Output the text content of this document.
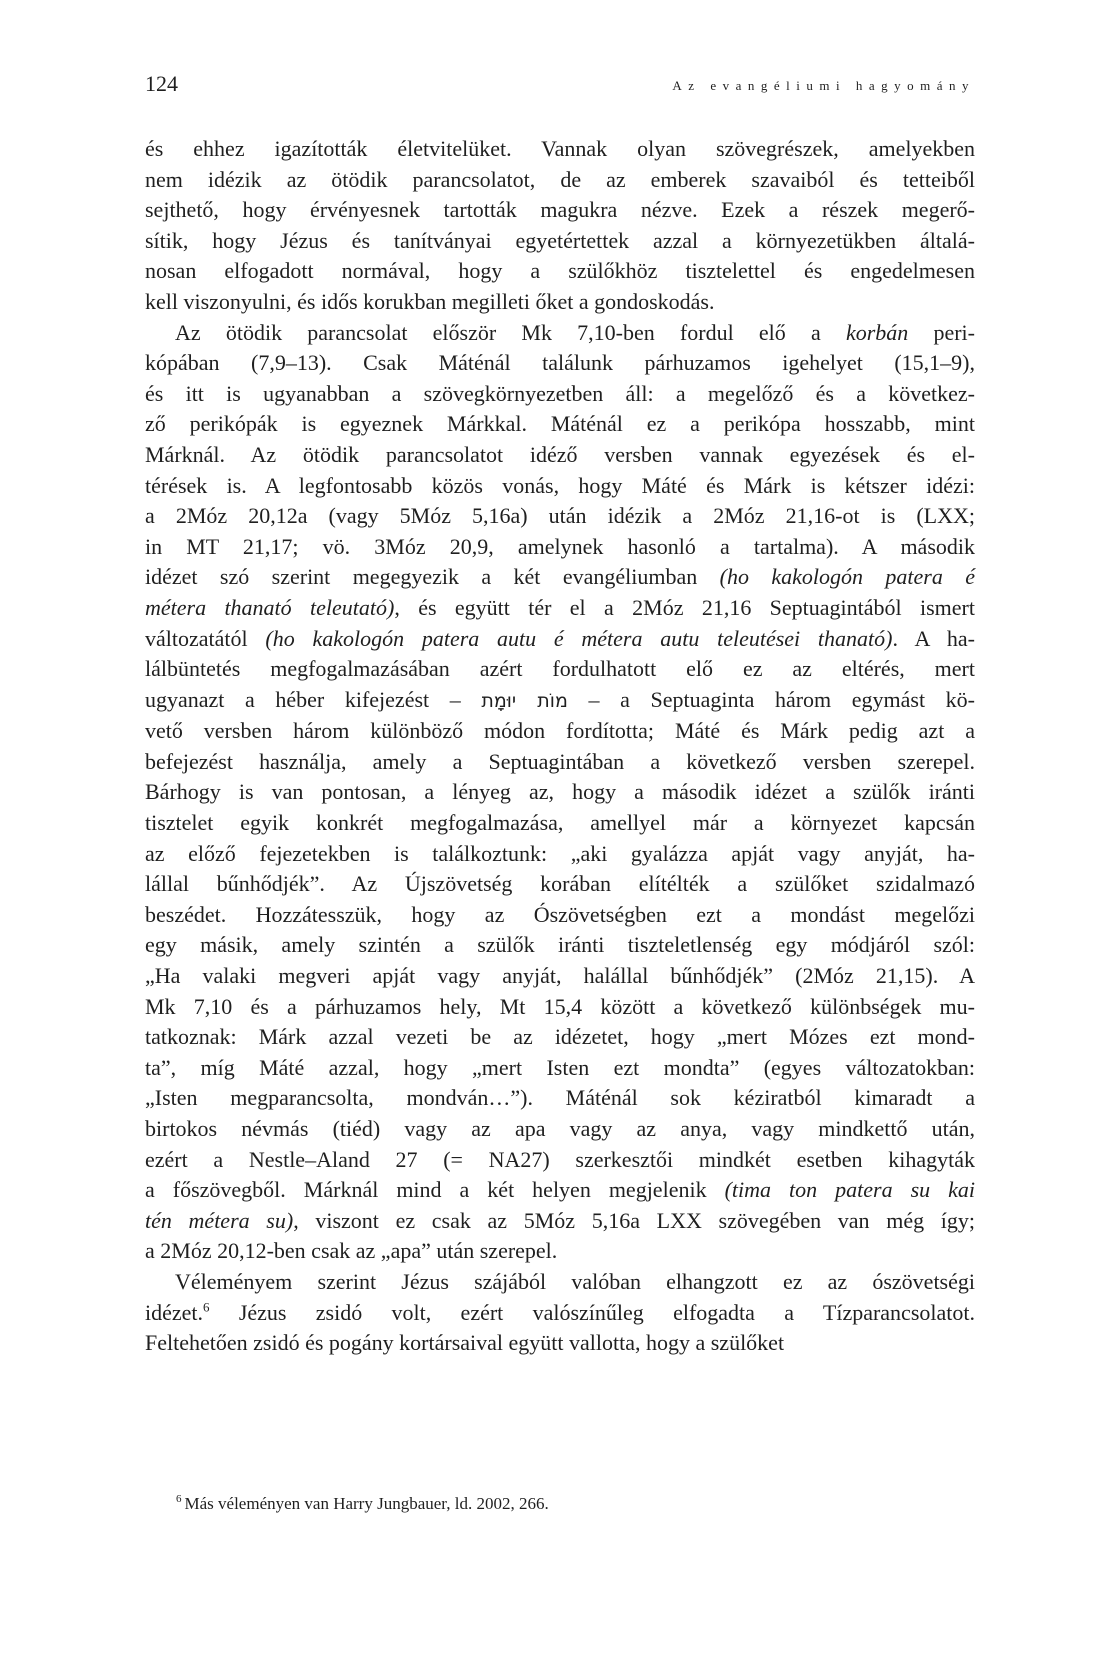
124	Az evangéliumi hagyomány
és ehhez igazították életvitelüket. Vannak olyan szövegrészek, amelyekben
nem idézik az ötödik parancsolatot, de az emberek szavaiból és tetteiből
sejthető, hogy érvényesnek tartották magukra nézve. Ezek a részek megerő-
sítik, hogy Jézus és tanítványai egyetértettek azzal a környezetükben általá-
nosan elfogadott normával, hogy a szülőkhöz tisztelettel és engedelmesen
kell viszonyulni, és idős korukban megilleti őket a gondoskodás.
Az ötödik parancsolat először Mk 7,10-ben fordul elő a korbán peri-
kópában (7,9–13). Csak Máténál találunk párhuzamos igehelyet (15,1–9),
és itt is ugyanabban a szövegkörnyezetben áll: a megelőző és a következ-
ző perikópák is egyeznek Márkkal. Máténál ez a perikópa hosszabb, mint
Márknál. Az ötödik parancsolatot idéző versben vannak egyezések és el-
térések is. A legfontosabb közös vonás, hogy Máté és Márk is kétszer idézi:
a 2Móz 20,12a (vagy 5Móz 5,16a) után idézik a 2Móz 21,16-ot is (LXX;
in MT 21,17; vö. 3Móz 20,9, amelynek hasonló a tartalma). A második
idézet szó szerint megegyezik a két evangéliumban (ho kakologón patera é
métera thanató teleutató), és együtt tér el a 2Móz 21,16 Septuagintából ismert
változatától (ho kakologón patera autu é métera autu teleutései thanató). A ha-
lálbüntetés megfogalmazásában azért fordulhatott elő ez az eltérés, mert
ugyanazt a héber kifejezést – מוֹת יוּמָת – a Septuaginta három egymást kö-
vető versben három különböző módon fordította; Máté és Márk pedig azt a
befejezést használja, amely a Septuagintában a következő versben szerepel.
Bárhogy is van pontosan, a lényeg az, hogy a második idézet a szülők iránti
tisztelet egyik konkrét megfogalmazása, amellyel már a környezet kapcsán
az előző fejezetekben is találkoztunk: „aki gyalázza apját vagy anyját, ha-
lállal bűnhődjék”. Az Újszövetség korában elítélték a szülőket szidalmazó
beszédet. Hozzátesszük, hogy az Ószövetségben ezt a mondást megelőzi
egy másik, amely szintén a szülők iránti tiszteletlenség egy módjáról szól:
„Ha valaki megveri apját vagy anyját, halállal bűnhődjék” (2Móz 21,15). A
Mk 7,10 és a párhuzamos hely, Mt 15,4 között a következő különbségek mu-
tatkoznak: Márk azzal vezeti be az idézetet, hogy „mert Mózes ezt mond-
ta”, míg Máté azzal, hogy „mert Isten ezt mondta” (egyes változatokban:
„Isten megparancsolta, mondván…”). Máténál sok kéziratból kimaradt a
birtokos névmás (tiéd) vagy az apa vagy az anya, vagy mindkettő után,
ezért a Nestle–Aland 27 (= NA27) szerkesztői mindkét esetben kihagyták
a főszövegből. Márknál mind a két helyen megjelenik (tima ton patera su kai
tén métera su), viszont ez csak az 5Móz 5,16a LXX szövegében van még így;
a 2Móz 20,12-ben csak az „apa” után szerepel.
Véleményem szerint Jézus szájából valóban elhangzott ez az ószövetségi
idézet.$^6$ Jézus zsidó volt, ezért valószínűleg elfogadta a Tízparancsolatot.
Feltehetően zsidó és pogány kortársaival együtt vallotta, hogy a szülőket
$^6$ Más véleményen van Harry Jungbauer, ld. 2002, 266.
